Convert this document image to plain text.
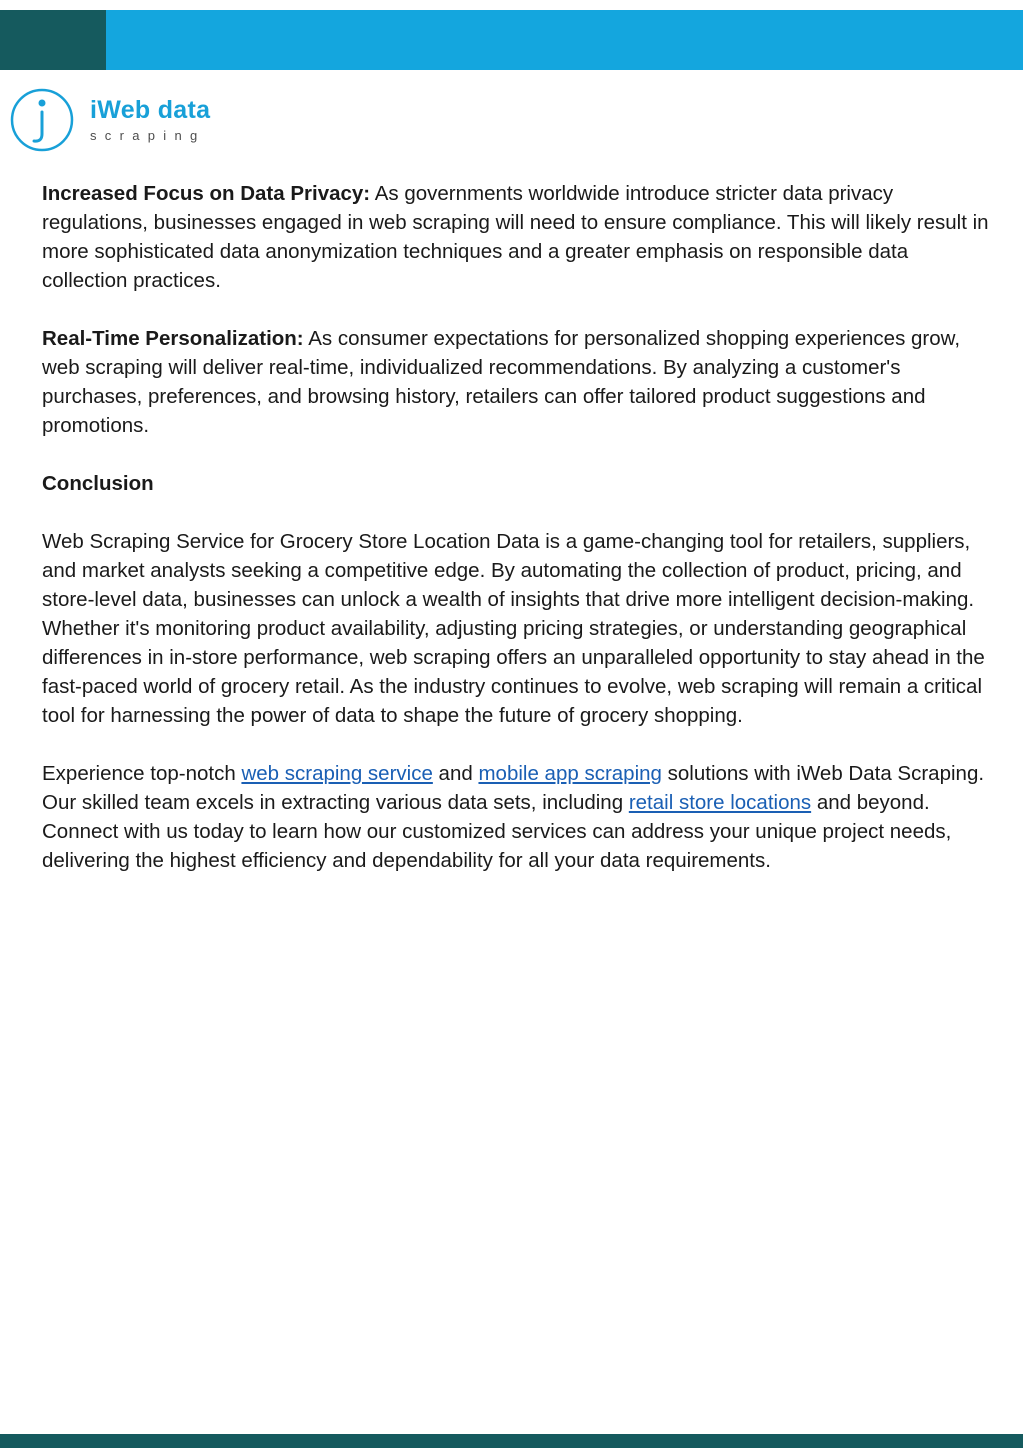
iWeb data
scraping

Increased Focus on Data Privacy: As governments worldwide introduce stricter data privacy regulations, businesses engaged in web scraping will need to ensure compliance. This will likely result in more sophisticated data anonymization techniques and a greater emphasis on responsible data collection practices.

Real-Time Personalization: As consumer expectations for personalized shopping experiences grow, web scraping will deliver real-time, individualized recommendations. By analyzing a customer's purchases, preferences, and browsing history, retailers can offer tailored product suggestions and promotions.

Conclusion

Web Scraping Service for Grocery Store Location Data is a game-changing tool for retailers, suppliers, and market analysts seeking a competitive edge. By automating the collection of product, pricing, and store-level data, businesses can unlock a wealth of insights that drive more intelligent decision-making. Whether it's monitoring product availability, adjusting pricing strategies, or understanding geographical differences in in-store performance, web scraping offers an unparalleled opportunity to stay ahead in the fast-paced world of grocery retail. As the industry continues to evolve, web scraping will remain a critical tool for harnessing the power of data to shape the future of grocery shopping.

Experience top-notch web scraping service and mobile app scraping solutions with iWeb Data Scraping. Our skilled team excels in extracting various data sets, including retail store locations and beyond. Connect with us today to learn how our customized services can address your unique project needs, delivering the highest efficiency and dependability for all your data requirements.
